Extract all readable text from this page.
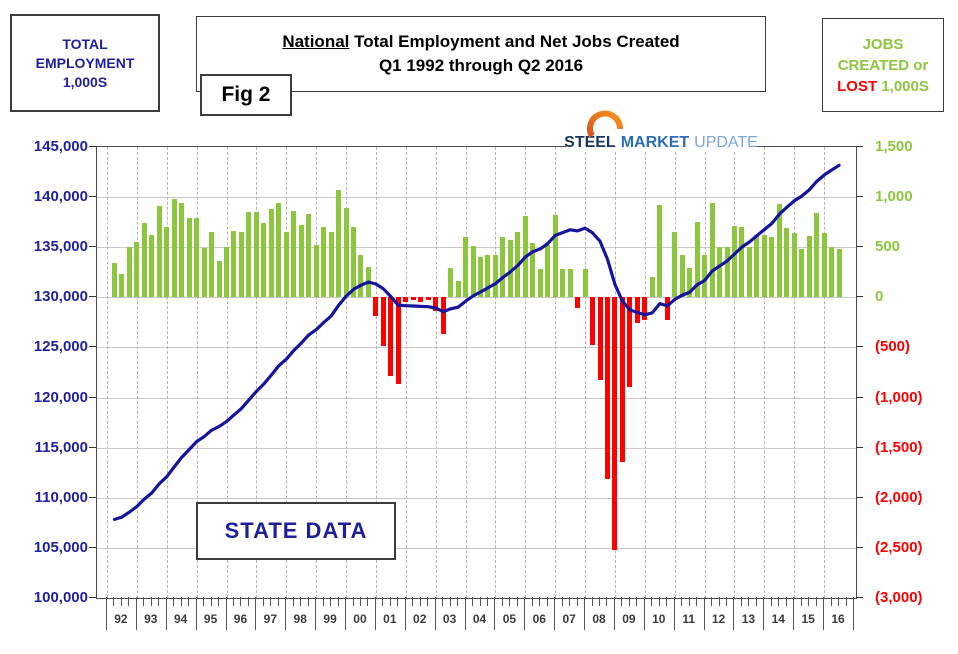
TOTAL
EMPLOYMENT
1,000S
National Total Employment and Net Jobs Created
Q1 1992 through Q2 2016
Fig 2
JOBS
CREATED or
LOST 1,000S
STEEL MARKET UPDATE
STATE DATA
145,000
140,000
135,000
130,000
125,000
120,000
115,000
110,000
105,000
100,000
1,500
1,000
500
0
(500)
(1,000)
(1,500)
(2,000)
(2,500)
(3,000)
92	93	94	95	96	97	98	99	00	01	02	03	04	05	06	07	08	09	10	11	12	13	14	15	16
